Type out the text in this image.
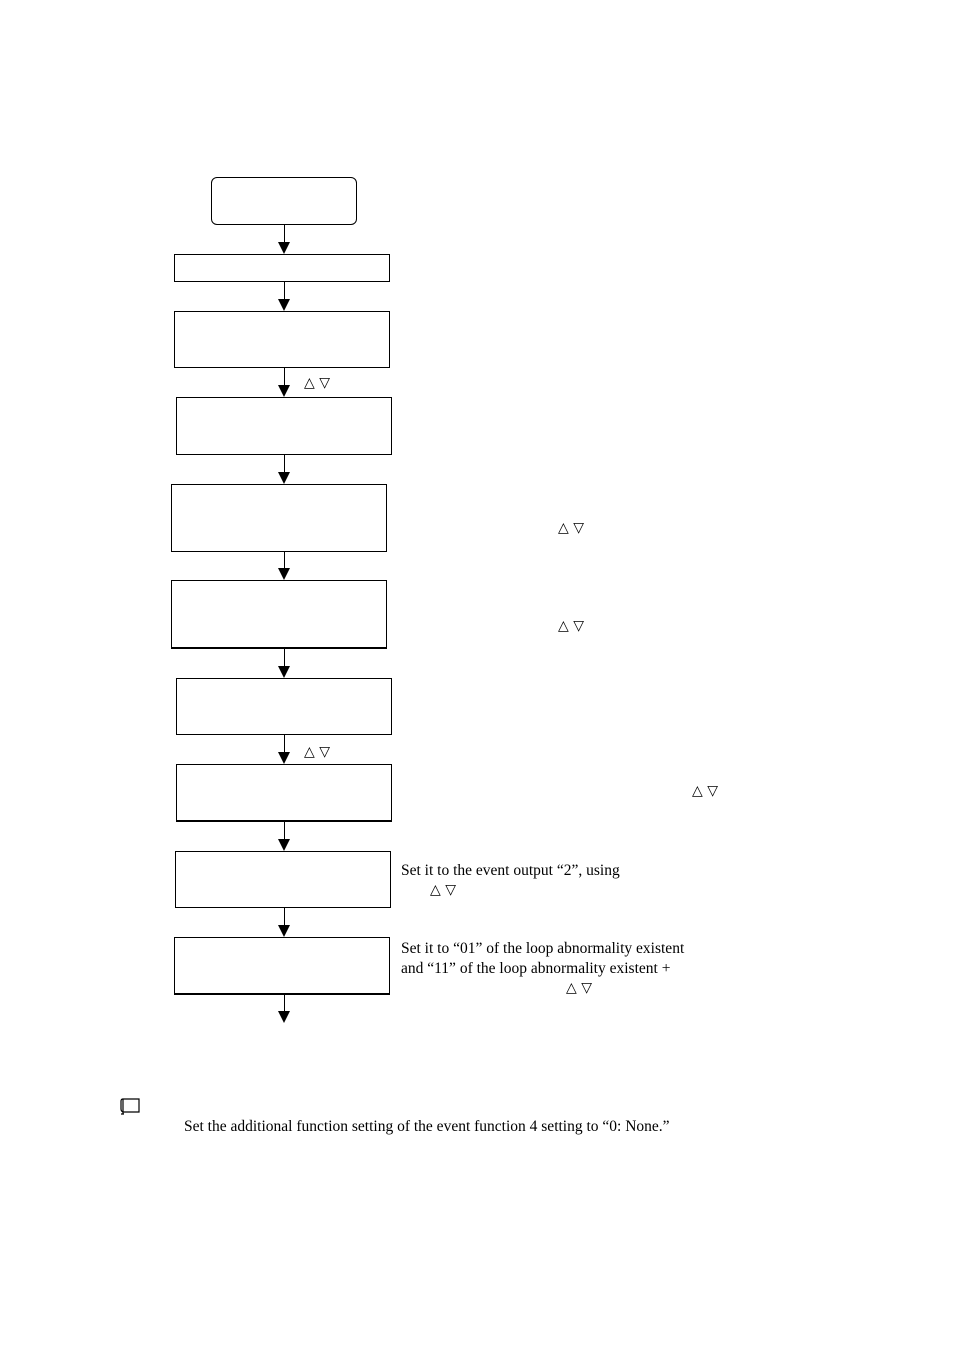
△ ▽
△ ▽
△ ▽
△ ▽
△ ▽
△ ▽
△ ▽
Set it to the event output “2”, using
Set it to “01” of the loop abnormality existent
and “11” of the loop abnormality existent +
Set the additional function setting of the event function 4 setting to “0: None.”
